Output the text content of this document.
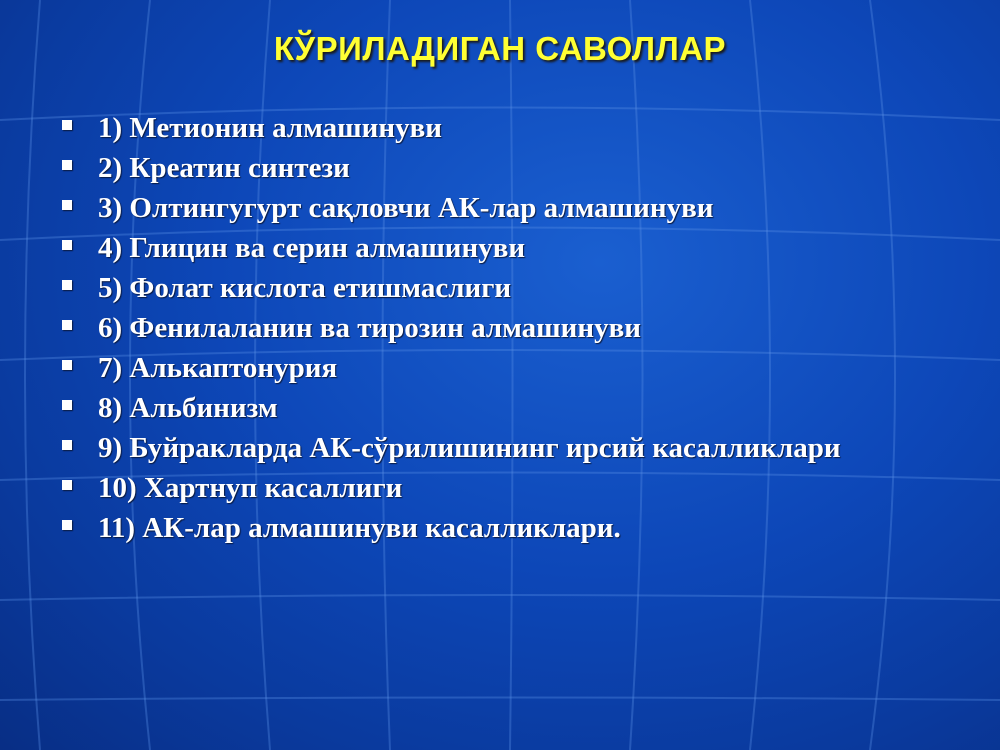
КЎРИЛАДИГАН САВОЛЛАР
1) Метионин алмашинуви
2) Креатин синтези
3) Олтингугурт сақловчи АК-лар алмашинуви
4) Глицин ва серин алмашинуви
5) Фолат кислота етишмаслиги
6) Фенилаланин ва тирозин алмашинуви
7) Алькаптонурия
8) Альбинизм
9) Буйракларда АК-сўрилишининг ирсий касалликлари
10) Хартнуп касаллиги
11) АК-лар алмашинуви касалликлари.
